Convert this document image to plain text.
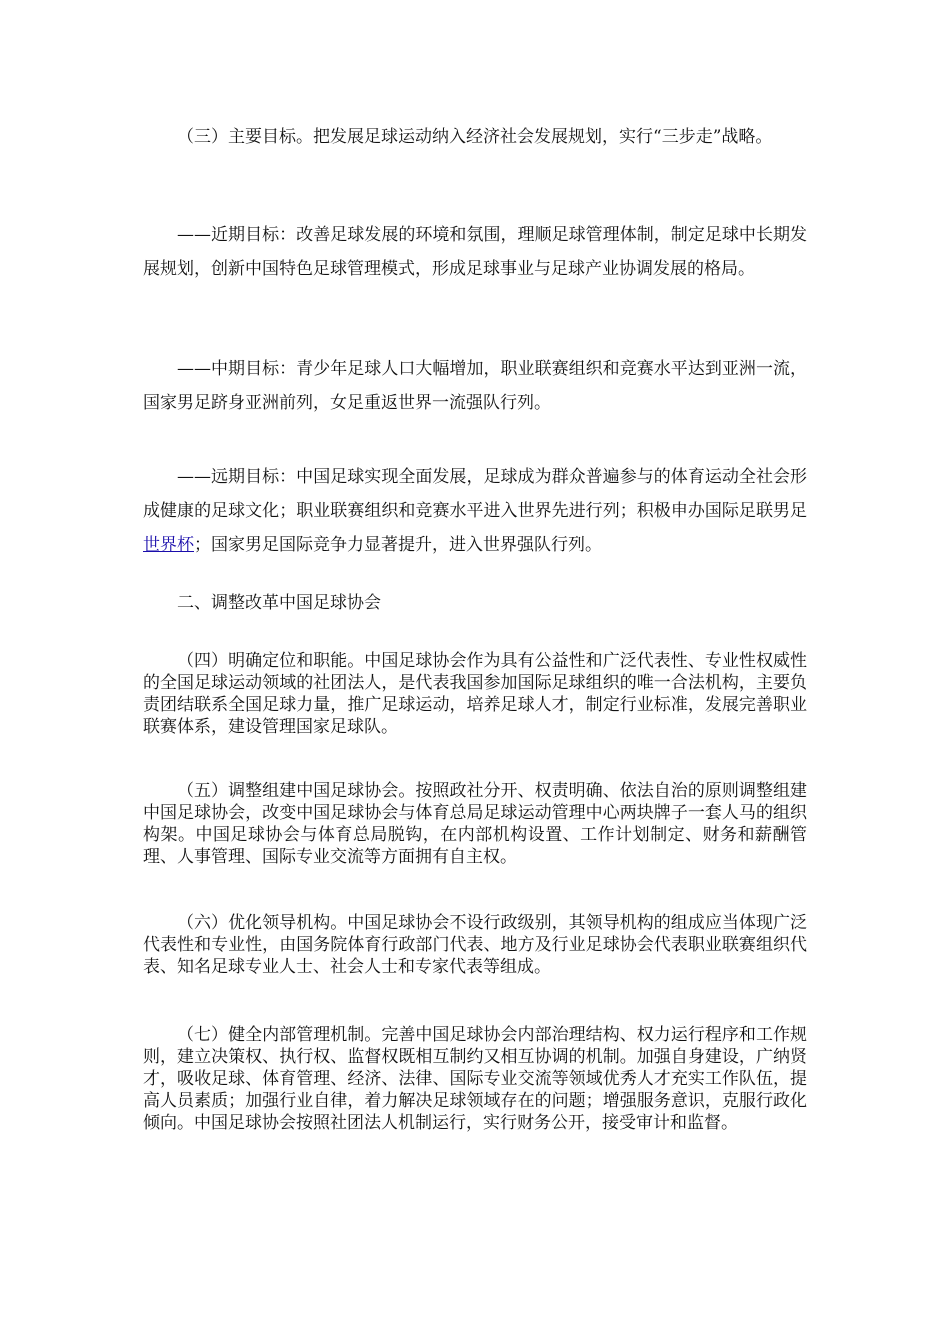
（三）主要目标。把发展足球运动纳入经济社会发展规划，实行“三步走”战略。

——近期目标：改善足球发展的环境和氛围，理顺足球管理体制，制定足球中长期发展规划，创新中国特色足球管理模式，形成足球事业与足球产业协调发展的格局。

——中期目标：青少年足球人口大幅增加，职业联赛组织和竞赛水平达到亚洲一流，国家男足跻身亚洲前列，女足重返世界一流强队行列。

——远期目标：中国足球实现全面发展，足球成为群众普遍参与的体育运动全社会形成健康的足球文化；职业联赛组织和竞赛水平进入世界先进行列；积极申办国际足联男足世界杯；国家男足国际竞争力显著提升，进入世界强队行列。

二、调整改革中国足球协会

（四）明确定位和职能。中国足球协会作为具有公益性和广泛代表性、专业性权威性的全国足球运动领域的社团法人，是代表我国参加国际足球组织的唯一合法机构，主要负责团结联系全国足球力量，推广足球运动，培养足球人才，制定行业标准，发展完善职业联赛体系，建设管理国家足球队。

（五）调整组建中国足球协会。按照政社分开、权责明确、依法自治的原则调整组建中国足球协会，改变中国足球协会与体育总局足球运动管理中心两块牌子一套人马的组织构架。中国足球协会与体育总局脱钩，在内部机构设置、工作计划制定、财务和薪酬管理、人事管理、国际专业交流等方面拥有自主权。

（六）优化领导机构。中国足球协会不设行政级别，其领导机构的组成应当体现广泛代表性和专业性，由国务院体育行政部门代表、地方及行业足球协会代表职业联赛组织代表、知名足球专业人士、社会人士和专家代表等组成。

（七）健全内部管理机制。完善中国足球协会内部治理结构、权力运行程序和工作规则，建立决策权、执行权、监督权既相互制约又相互协调的机制。加强自身建设，广纳贤才，吸收足球、体育管理、经济、法律、国际专业交流等领域优秀人才充实工作队伍，提高人员素质；加强行业自律，着力解决足球领域存在的问题；增强服务意识，克服行政化倾向。中国足球协会按照社团法人机制运行，实行财务公开，接受审计和监督。
